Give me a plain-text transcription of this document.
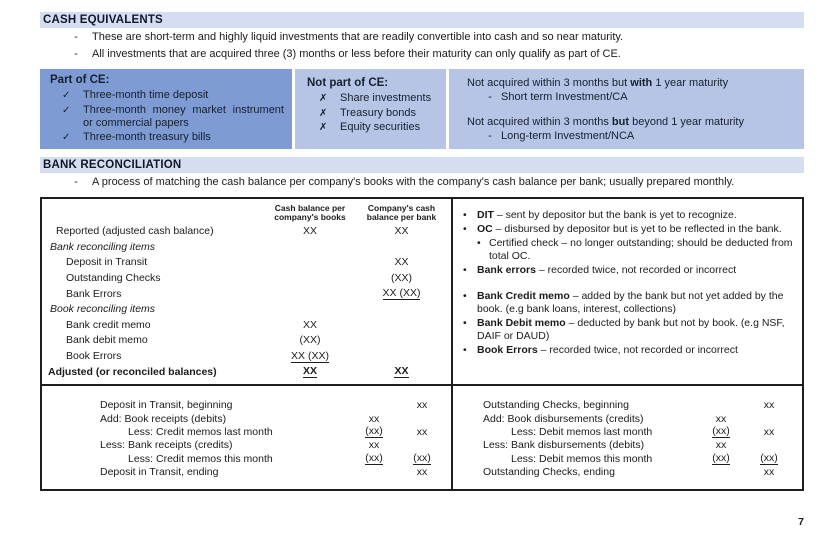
CASH EQUIVALENTS
-	These are short-term and highly liquid investments that are readily convertible into cash and so near maturity.
-	All investments that are acquired three (3) months or less before their maturity can only qualify as part of CE.
Part of CE:
✓	Three-month time deposit
✓	Three-month money market instrument or commercial papers
✓	Three-month treasury bills
Not part of CE:
✗	Share investments
✗	Treasury bonds
✗	Equity securities
Not acquired within 3 months but with 1 year maturity
- Short term Investment/CA
Not acquired within 3 months but beyond 1 year maturity
- Long-term Investment/NCA
BANK RECONCILIATION
-	A process of matching the cash balance per company's books with the company's cash balance per bank; usually prepared monthly.
	Cash balance per
company's books	Company's cash
balance per bank
Reported (adjusted cash balance)	XX	XX
Bank reconciling items		
Deposit in Transit		XX
Outstanding Checks		(XX)
Bank Errors		XX (XX)
Book reconciling items		
Bank credit memo	XX	
Bank debit memo	(XX)	
Book Errors	XX (XX)	
Adjusted (or reconciled balances)	XX	XX
• DIT – sent by depositor but the bank is yet to recognize.
• OC – disbursed by depositor but is yet to be reflected in the bank.
• Certified check – no longer outstanding; should be deducted from total OC.
• Bank errors – recorded twice, not recorded or incorrect
• Bank Credit memo – added by the bank but not yet added by the book. (e.g bank loans, interest, collections)
• Bank Debit memo – deducted by bank but not by book. (e.g NSF, DAIF or DAUD)
• Book Errors – recorded twice, not recorded or incorrect
Deposit in Transit, beginning		xx
Add: Book receipts (debits)	xx	
Less: Credit memos last month	(xx)	xx
Less: Bank receipts (credits)	xx	
Less: Credit memos this month	(xx)	(xx)
Deposit in Transit, ending		xx
Outstanding Checks, beginning		xx
Add: Book disbursements (credits)	xx	
Less: Debit memos last month	(xx)	xx
Less: Bank disbursements (debits)	xx	
Less: Debit memos this month	(xx)	(xx)
Outstanding Checks, ending		xx
7
